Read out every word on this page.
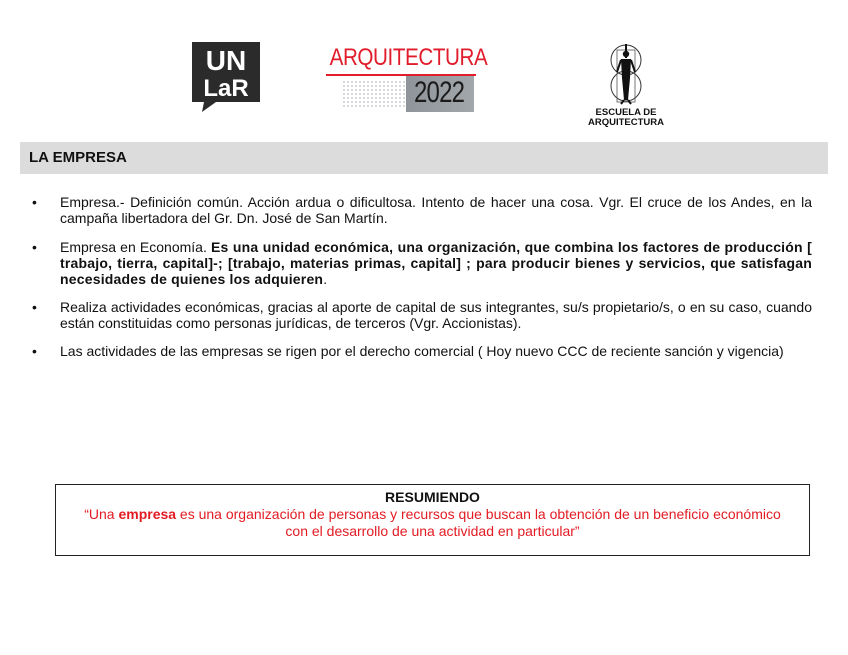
UN
LaR
ARQUITECTURA
2022
ESCUELA DE
ARQUITECTURA
LA EMPRESA
• Empresa.- Definición común. Acción ardua o dificultosa. Intento de hacer una cosa. Vgr. El cruce de los Andes, en la campaña libertadora del Gr. Dn. José de San Martín.
• Empresa en Economía. Es una unidad económica, una organización, que combina los factores de producción [ trabajo, tierra, capital]-; [trabajo, materias primas, capital] ; para producir bienes y servicios, que satisfagan necesidades de quienes los adquieren.
• Realiza actividades económicas, gracias al aporte de capital de sus integrantes, su/s propietario/s, o en su caso, cuando están constituidas como personas jurídicas, de terceros (Vgr. Accionistas).
• Las actividades de las empresas se rigen por el derecho comercial ( Hoy nuevo CCC de reciente sanción y vigencia)
RESUMIENDO
“Una empresa es una organización de personas y recursos que buscan la obtención de un beneficio económico con el desarrollo de una actividad en particular”
